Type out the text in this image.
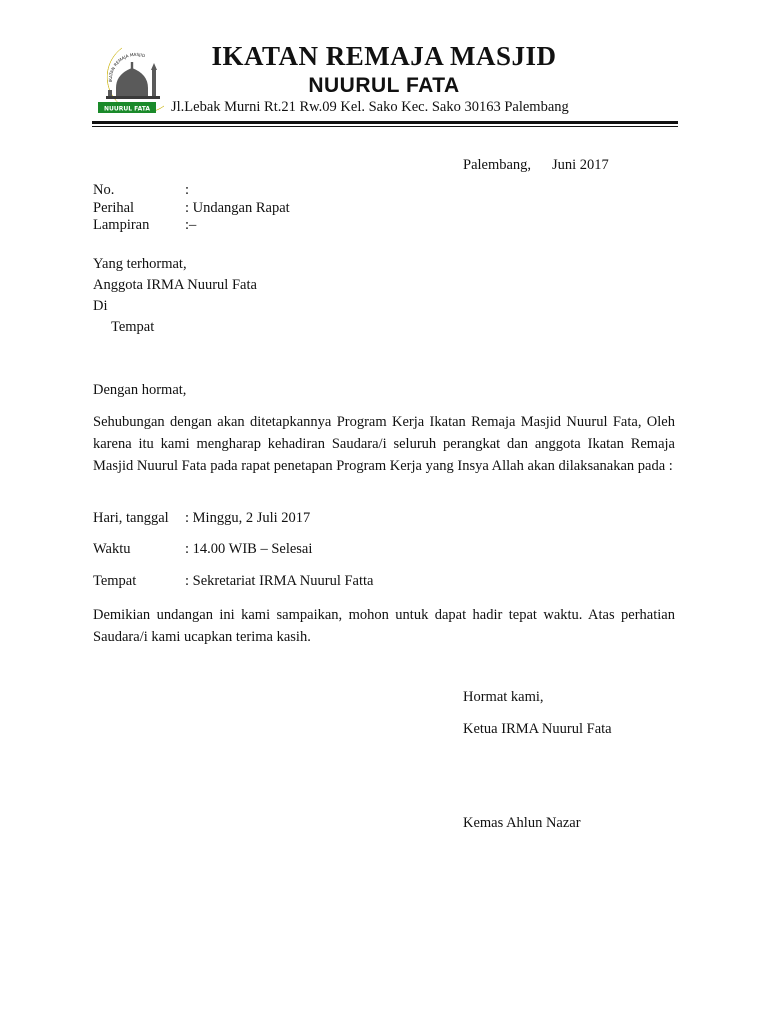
IKATAN REMAJA MASJID
NUURUL FATA
IKATAN REMAJA MASJID
NUURUL FATA
Jl.Lebak Murni Rt.21 Rw.09 Kel. Sako Kec. Sako 30163 Palembang
Palembang, Juni 2017
No.	:
Perihal	: Undangan Rapat
Lampiran :–
Yang terhormat,
Anggota IRMA Nuurul Fata
Di
Tempat
Dengan hormat,
Sehubungan dengan akan ditetapkannya Program Kerja Ikatan Remaja Masjid Nuurul Fata, Oleh karena itu kami mengharap kehadiran Saudara/i seluruh perangkat dan anggota Ikatan Remaja Masjid Nuurul Fata pada rapat penetapan Program Kerja yang Insya Allah akan dilaksanakan pada :
Hari, tanggal : Minggu, 2 Juli 2017
Waktu	: 14.00 WIB – Selesai
Tempat	: Sekretariat IRMA Nuurul Fatta
Demikian undangan ini kami sampaikan, mohon untuk dapat hadir tepat waktu. Atas perhatian Saudara/i kami ucapkan terima kasih.
Hormat kami,
Ketua IRMA Nuurul Fata
Kemas Ahlun Nazar
